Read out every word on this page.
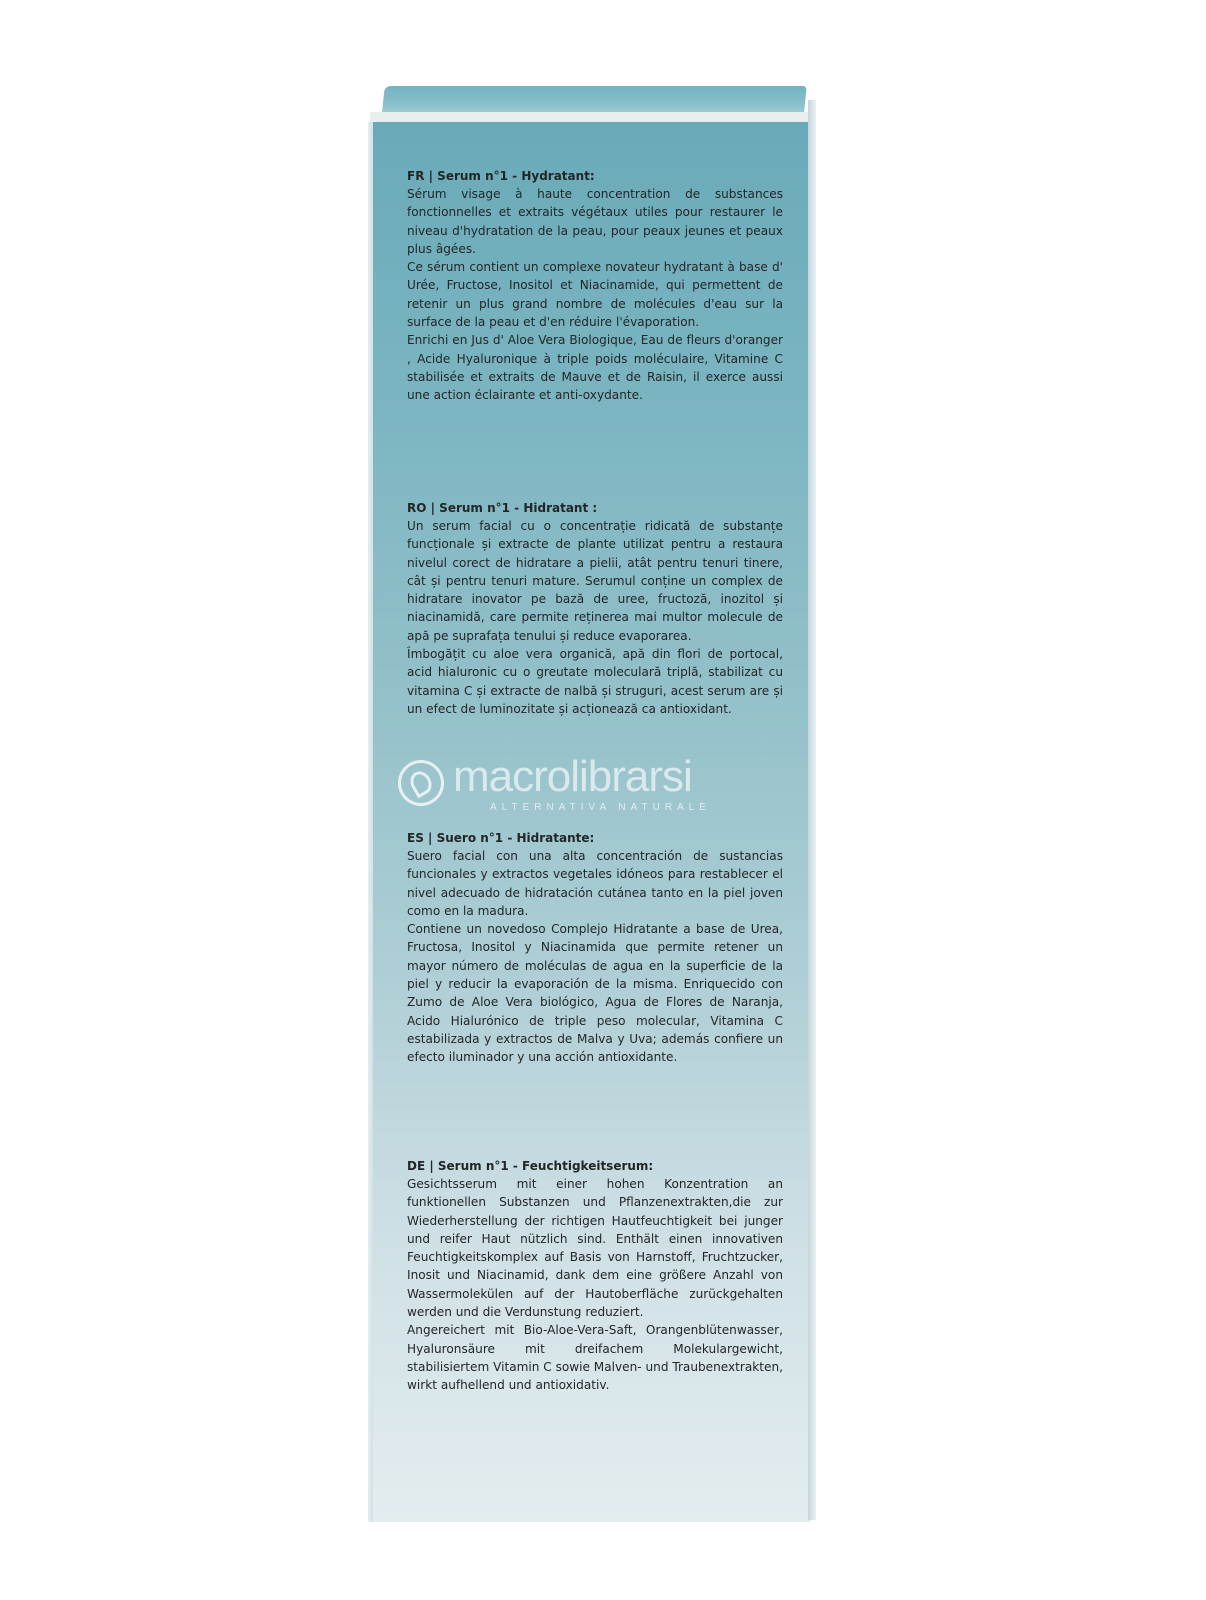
FR | Serum n°1 - Hydratant:

Sérum visage à haute concentration de substances fonctionnelles et extraits végétaux utiles pour restaurer le niveau d'hydratation de la peau, pour peaux jeunes et peaux plus âgées.

Ce sérum contient un complexe novateur hydratant à base d' Urée, Fructose, Inositol et Niacinamide, qui permettent de retenir un plus grand nombre de molécules d'eau sur la surface de la peau et d'en réduire l'évaporation.

Enrichi en Jus d' Aloe Vera Biologique, Eau de fleurs d'oranger , Acide Hyaluronique à triple poids moléculaire, Vitamine C stabilisée et extraits de Mauve et de Raisin, il exerce aussi une action éclairante et anti-oxydante.

RO | Serum n°1 - Hidratant :

Un serum facial cu o concentrație ridicată de substanțe funcționale și extracte de plante utilizat pentru a restaura nivelul corect de hidratare a pielii, atât pentru tenuri tinere, cât și pentru tenuri mature. Serumul conține un complex de hidratare inovator pe bază de uree, fructoză, inozitol și niacinamidă, care permite reținerea mai multor molecule de apă pe suprafața tenului și reduce evaporarea.

Îmbogățit cu aloe vera organică, apă din flori de portocal, acid hialuronic cu o greutate moleculară triplă, stabilizat cu vitamina C și extracte de nalbă și struguri, acest serum are și un efect de luminozitate și acționează ca antioxidant.

ES | Suero n°1 - Hidratante:

Suero facial con una alta concentración de sustancias funcionales y extractos vegetales idóneos para restablecer el nivel adecuado de hidratación cutánea tanto en la piel joven como en la madura.

Contiene un novedoso Complejo Hidratante a base de Urea, Fructosa, Inositol y Niacinamida que permite retener un mayor número de moléculas de agua en la superficie de la piel y reducir la evaporación de la misma. Enriquecido con Zumo de Aloe Vera biológico, Agua de Flores de Naranja, Acido Hialurónico de triple peso molecular, Vitamina C estabilizada y extractos de Malva y Uva; además confiere un efecto iluminador y una acción antioxidante.

DE | Serum n°1 - Feuchtigkeitserum:

Gesichtsserum mit einer hohen Konzentration an funktionellen Substanzen und Pflanzenextrakten,die zur Wiederherstellung der richtigen Hautfeuchtigkeit bei junger und reifer Haut nützlich sind. Enthält einen innovativen Feuchtigkeitskomplex auf Basis von Harnstoff, Fruchtzucker, Inosit und Niacinamid, dank dem eine größere Anzahl von Wassermolekülen auf der Hautoberfläche zurückgehalten werden und die Verdunstung reduziert.

Angereichert mit Bio-Aloe-Vera-Saft, Orangenblütenwasser, Hyaluronsäure mit dreifachem Molekulargewicht, stabilisiertem Vitamin C sowie Malven- und Traubenextrakten, wirkt aufhellend und antioxidativ.

macrolibrarsi
ALTERNATIVA NATURALE
